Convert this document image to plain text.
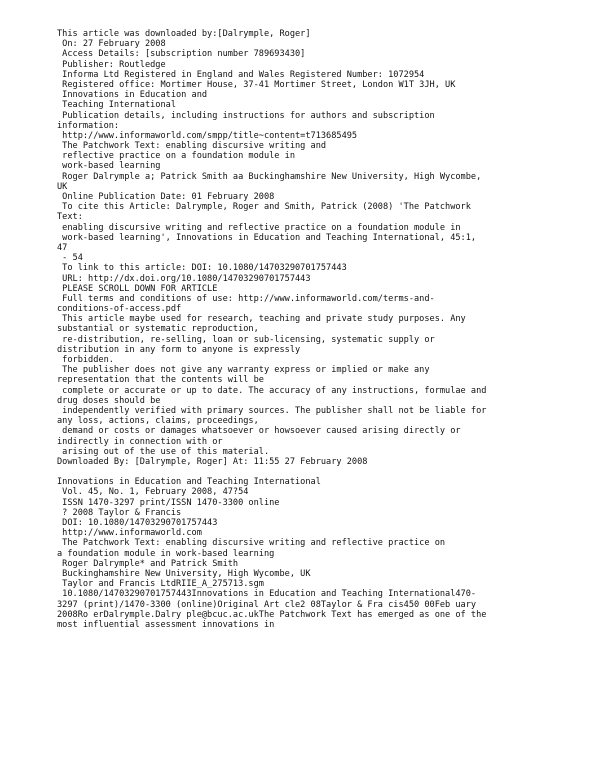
This article was downloaded by:[Dalrymple, Roger]
On: 27 February 2008
Access Details: [subscription number 789693430]
Publisher: Routledge
Informa Ltd Registered in England and Wales Registered Number: 1072954
Registered office: Mortimer House, 37-41 Mortimer Street, London W1T 3JH, UK
Innovations in Education and
Teaching International
Publication details, including instructions for authors and subscription
information:
http://www.informaworld.com/smpp/title~content=t713685495
The Patchwork Text: enabling discursive writing and
reflective practice on a foundation module in
work-based learning
Roger Dalrymple a; Patrick Smith aa Buckinghamshire New University, High Wycombe,
UK
Online Publication Date: 01 February 2008
To cite this Article: Dalrymple, Roger and Smith, Patrick (2008) 'The Patchwork
Text:
enabling discursive writing and reflective practice on a foundation module in
work-based learning', Innovations in Education and Teaching International, 45:1,
47
- 54
To link to this article: DOI: 10.1080/14703290701757443
URL: http://dx.doi.org/10.1080/14703290701757443
PLEASE SCROLL DOWN FOR ARTICLE
Full terms and conditions of use: http://www.informaworld.com/terms-and-
conditions-of-access.pdf
This article maybe used for research, teaching and private study purposes. Any
substantial or systematic reproduction,
re-distribution, re-selling, loan or sub-licensing, systematic supply or
distribution in any form to anyone is expressly
forbidden.
The publisher does not give any warranty express or implied or make any
representation that the contents will be
complete or accurate or up to date. The accuracy of any instructions, formulae and
drug doses should be
independently verified with primary sources. The publisher shall not be liable for
any loss, actions, claims, proceedings,
demand or costs or damages whatsoever or howsoever caused arising directly or
indirectly in connection with or
arising out of the use of this material.
Downloaded By: [Dalrymple, Roger] At: 11:55 27 February 2008
Innovations in Education and Teaching International
Vol. 45, No. 1, February 2008, 47?54
ISSN 1470-3297 print/ISSN 1470-3300 online
? 2008 Taylor & Francis
DOI: 10.1080/14703290701757443
http://www.informaworld.com
The Patchwork Text: enabling discursive writing and reflective practice on
a foundation module in work-based learning
Roger Dalrymple* and Patrick Smith
Buckinghamshire New University, High Wycombe, UK
Taylor and Francis LtdRIIE_A_275713.sgm
10.1080/14703290701757443Innovations in Education and Teaching International470-
3297 (print)/1470-3300 (online)Original Art cle2 08Taylor & Fra cis450 00Feb uary
2008Ro erDalrymple.Dalry ple@bcuc.ac.ukThe Patchwork Text has emerged as one of the
most influential assessment innovations in
